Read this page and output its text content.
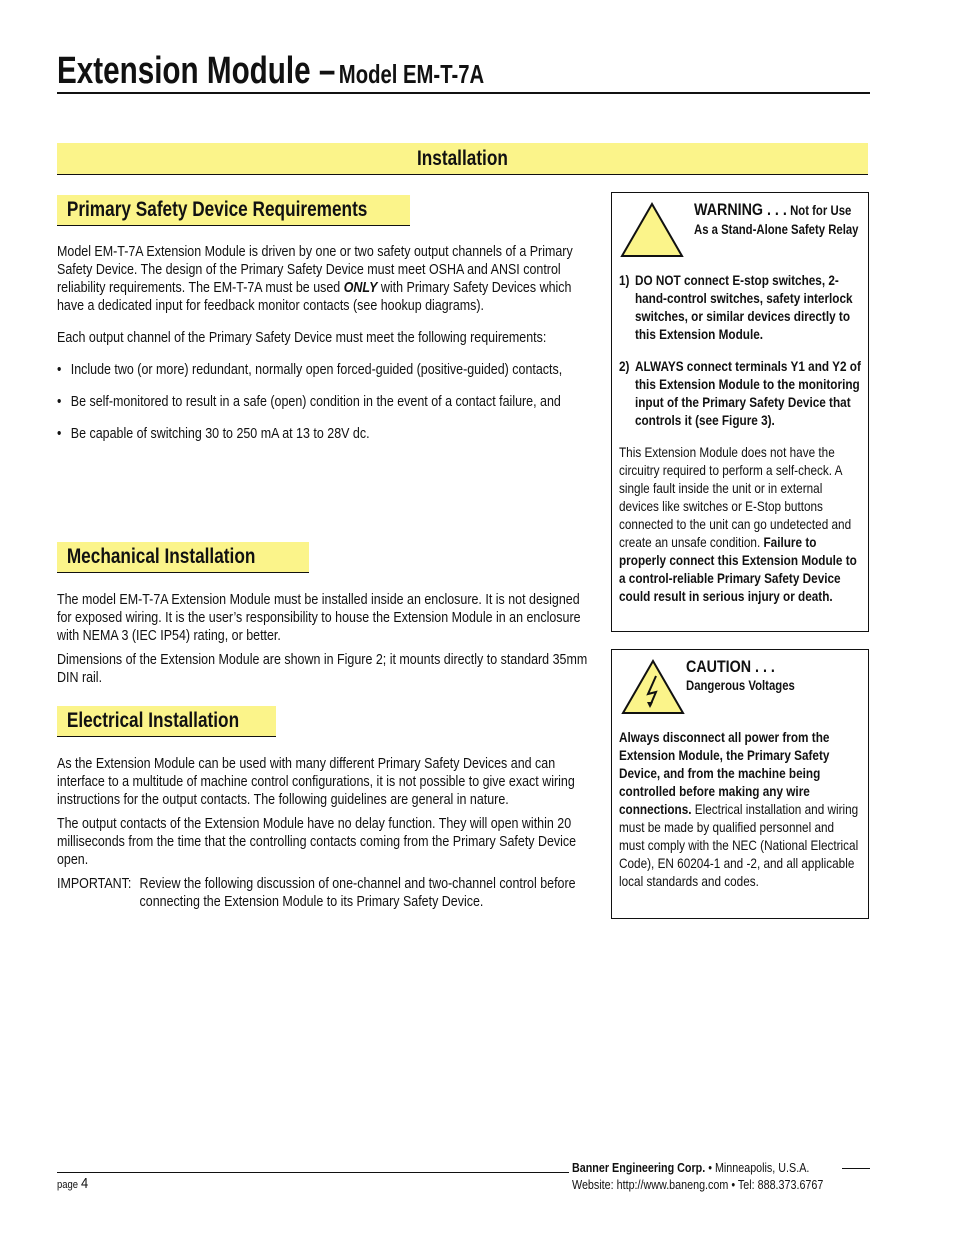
Extension Module – Model EM-T-7A
Installation
Primary Safety Device Requirements

Model EM-T-7A Extension Module is driven by one or two safety output channels of a Primary Safety Device. The design of the Primary Safety Device must meet OSHA and ANSI control reliability requirements. The EM-T-7A must be used ONLY with Primary Safety Devices which have a dedicated input for feedback monitor contacts (see hookup diagrams).

Each output channel of the Primary Safety Device must meet the following requirements:

• Include two (or more) redundant, normally open forced-guided (positive-guided) contacts,

• Be self-monitored to result in a safe (open) condition in the event of a contact failure, and

• Be capable of switching 30 to 250 mA at 13 to 28V dc.

Mechanical Installation

The model EM-T-7A Extension Module must be installed inside an enclosure. It is not designed for exposed wiring. It is the user’s responsibility to house the Extension Module in an enclosure with NEMA 3 (IEC IP54) rating, or better.

Dimensions of the Extension Module are shown in Figure 2; it mounts directly to standard 35mm DIN rail.

Electrical Installation

As the Extension Module can be used with many different Primary Safety Devices and can interface to a multitude of machine control configurations, it is not possible to give exact wiring instructions for the output contacts. The following guidelines are general in nature.

The output contacts of the Extension Module have no delay function. They will open within 20 milliseconds from the time that the controlling contacts coming from the Primary Safety Device open.

IMPORTANT: Review the following discussion of one-channel and two-channel control before connecting the Extension Module to its Primary Safety Device.
WARNING . . . Not for Use As a Stand-Alone Safety Relay
1) DO NOT connect E-stop switches, 2-hand-control switches, safety interlock switches, or similar devices directly to this Extension Module.
2) ALWAYS connect terminals Y1 and Y2 of this Extension Module to the monitoring input of the Primary Safety Device that controls it (see Figure 3).

This Extension Module does not have the circuitry required to perform a self-check. A single fault inside the unit or in external devices like switches or E-Stop buttons connected to the unit can go undetected and create an unsafe condition. Failure to properly connect this Extension Module to a control-reliable Primary Safety Device could result in serious injury or death.

CAUTION . . .
Dangerous Voltages

Always disconnect all power from the Extension Module, the Primary Safety Device, and from the machine being controlled before making any wire connections. Electrical installation and wiring must be made by qualified personnel and must comply with the NEC (National Electrical Code), EN 60204-1 and -2, and all applicable local standards and codes.

page 4
Banner Engineering Corp. • Minneapolis, U.S.A.
Website: http://www.baneng.com • Tel: 888.373.6767
